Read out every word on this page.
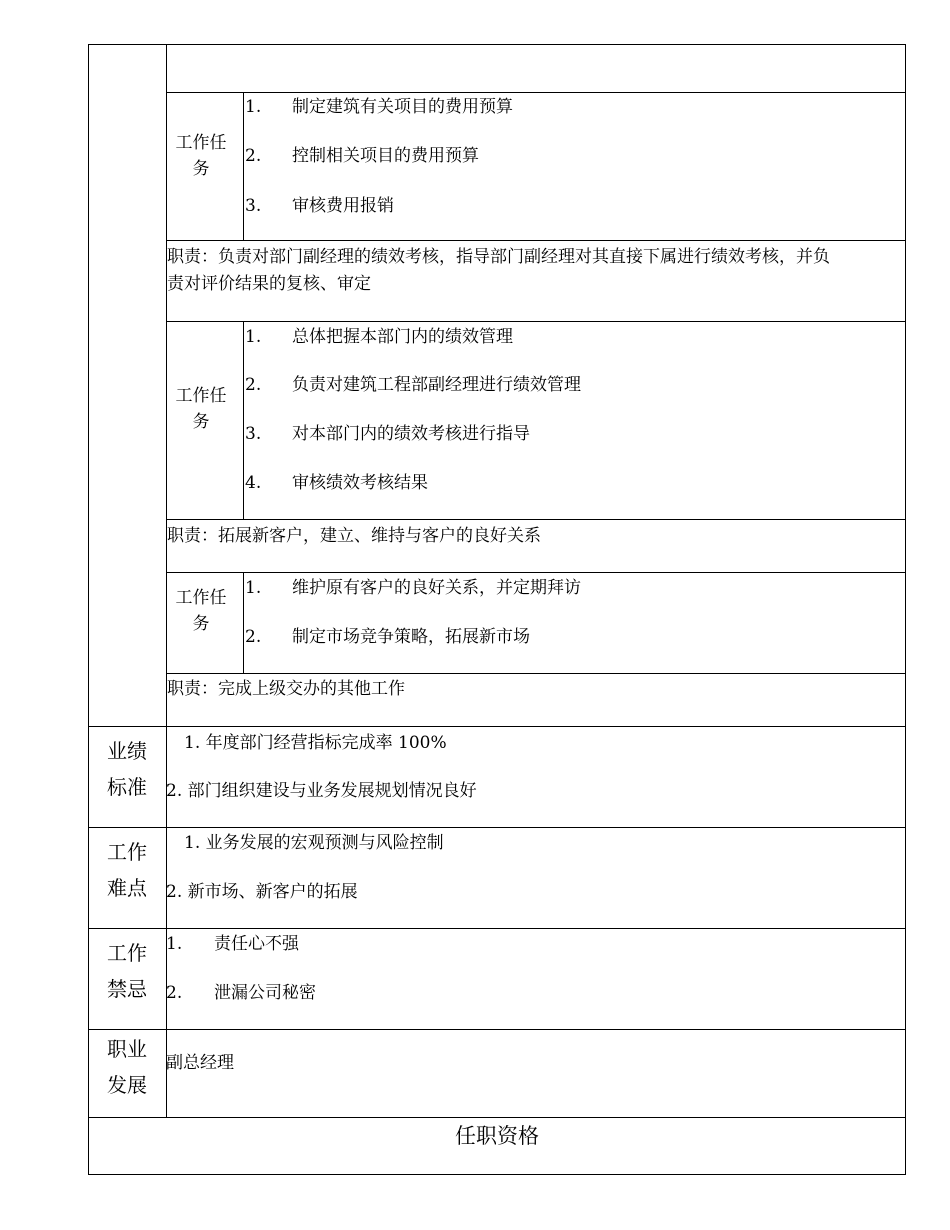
工作任务
1. 制定建筑有关项目的费用预算
2. 控制相关项目的费用预算
3. 审核费用报销
职责：负责对部门副经理的绩效考核，指导部门副经理对其直接下属进行绩效考核，并负
责对评价结果的复核、审定
工作任务
1. 总体把握本部门内的绩效管理
2. 负责对建筑工程部副经理进行绩效管理
3. 对本部门内的绩效考核进行指导
4. 审核绩效考核结果
职责：拓展新客户，建立、维持与客户的良好关系
工作任务
1. 维护原有客户的良好关系，并定期拜访
2. 制定市场竞争策略，拓展新市场
职责：完成上级交办的其他工作
业绩标准
1. 年度部门经营指标完成率 100%
2. 部门组织建设与业务发展规划情况良好
工作难点
1. 业务发展的宏观预测与风险控制
2. 新市场、新客户的拓展
工作禁忌
1. 责任心不强
2. 泄漏公司秘密
职业发展
副总经理
任职资格
